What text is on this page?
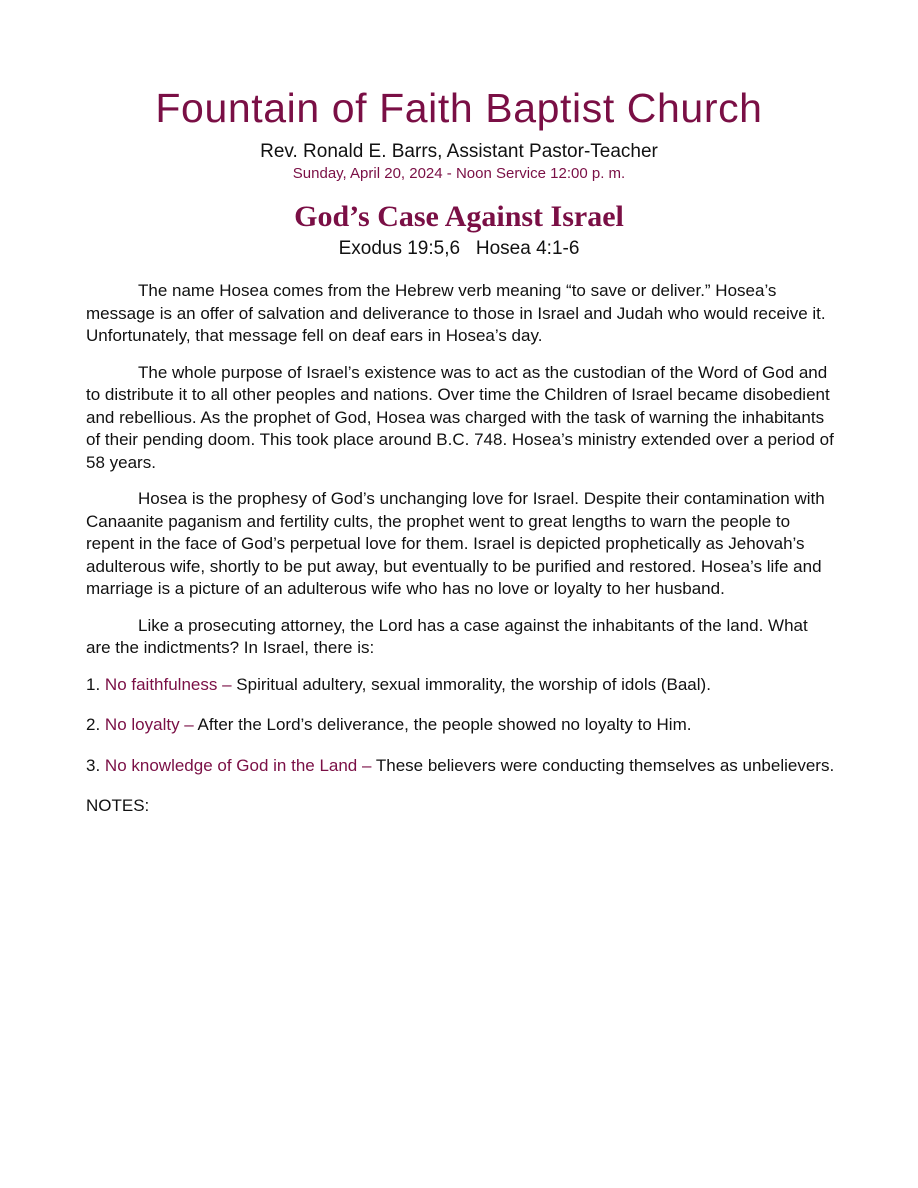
Fountain of Faith Baptist Church
Rev. Ronald E. Barrs, Assistant Pastor-Teacher
Sunday, April 20, 2024 - Noon Service 12:00 p. m.
God’s Case Against Israel
Exodus 19:5,6   Hosea 4:1-6

The name Hosea comes from the Hebrew verb meaning “to save or deliver.” Hosea’s message is an offer of salvation and deliverance to those in Israel and Judah who would receive it. Unfortunately, that message fell on deaf ears in Hosea’s day.

The whole purpose of Israel’s existence was to act as the custodian of the Word of God and to distribute it to all other peoples and nations. Over time the Children of Israel became disobedient and rebellious. As the prophet of God, Hosea was charged with the task of warning the inhabitants of their pending doom. This took place around B.C. 748. Hosea’s ministry extended over a period of 58 years.

Hosea is the prophesy of God’s unchanging love for Israel. Despite their contamination with Canaanite paganism and fertility cults, the prophet went to great lengths to warn the people to repent in the face of God’s perpetual love for them. Israel is depicted prophetically as Jehovah’s adulterous wife, shortly to be put away, but eventually to be purified and restored. Hosea’s life and marriage is a picture of an adulterous wife who has no love or loyalty to her husband.

Like a prosecuting attorney, the Lord has a case against the inhabitants of the land. What are the indictments? In Israel, there is:

1. No faithfulness – Spiritual adultery, sexual immorality, the worship of idols (Baal).

2. No loyalty – After the Lord’s deliverance, the people showed no loyalty to Him.

3. No knowledge of God in the Land – These believers were conducting themselves as unbelievers.

NOTES:
